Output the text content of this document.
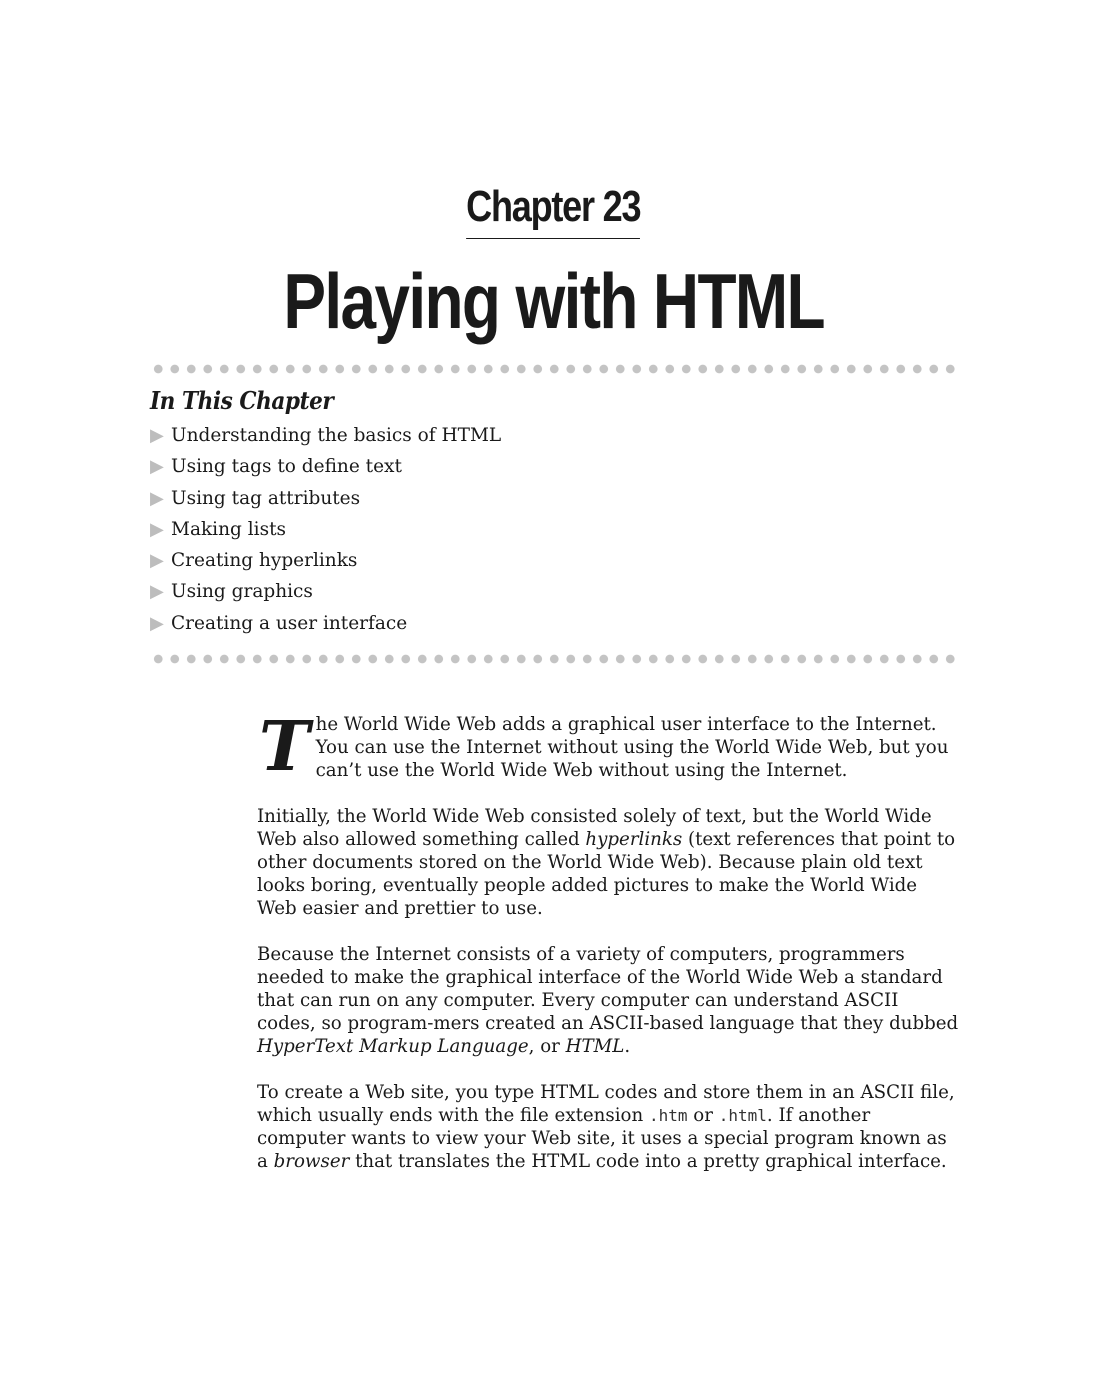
Chapter 23
Playing with HTML
In This Chapter
▶ Understanding the basics of HTML
▶ Using tags to define text
▶ Using tag attributes
▶ Making lists
▶ Creating hyperlinks
▶ Using graphics
▶ Creating a user interface

The World Wide Web adds a graphical user interface to the Internet. You can use the Internet without using the World Wide Web, but you can’t use the World Wide Web without using the Internet.

Initially, the World Wide Web consisted solely of text, but the World Wide Web also allowed something called hyperlinks (text references that point to other documents stored on the World Wide Web). Because plain old text looks boring, eventually people added pictures to make the World Wide Web easier and prettier to use.

Because the Internet consists of a variety of computers, programmers needed to make the graphical interface of the World Wide Web a standard that can run on any computer. Every computer can understand ASCII codes, so program-mers created an ASCII-based language that they dubbed HyperText Markup Language, or HTML.

To create a Web site, you type HTML codes and store them in an ASCII file, which usually ends with the file extension .htm or .html. If another computer wants to view your Web site, it uses a special program known as a browser that translates the HTML code into a pretty graphical interface.
